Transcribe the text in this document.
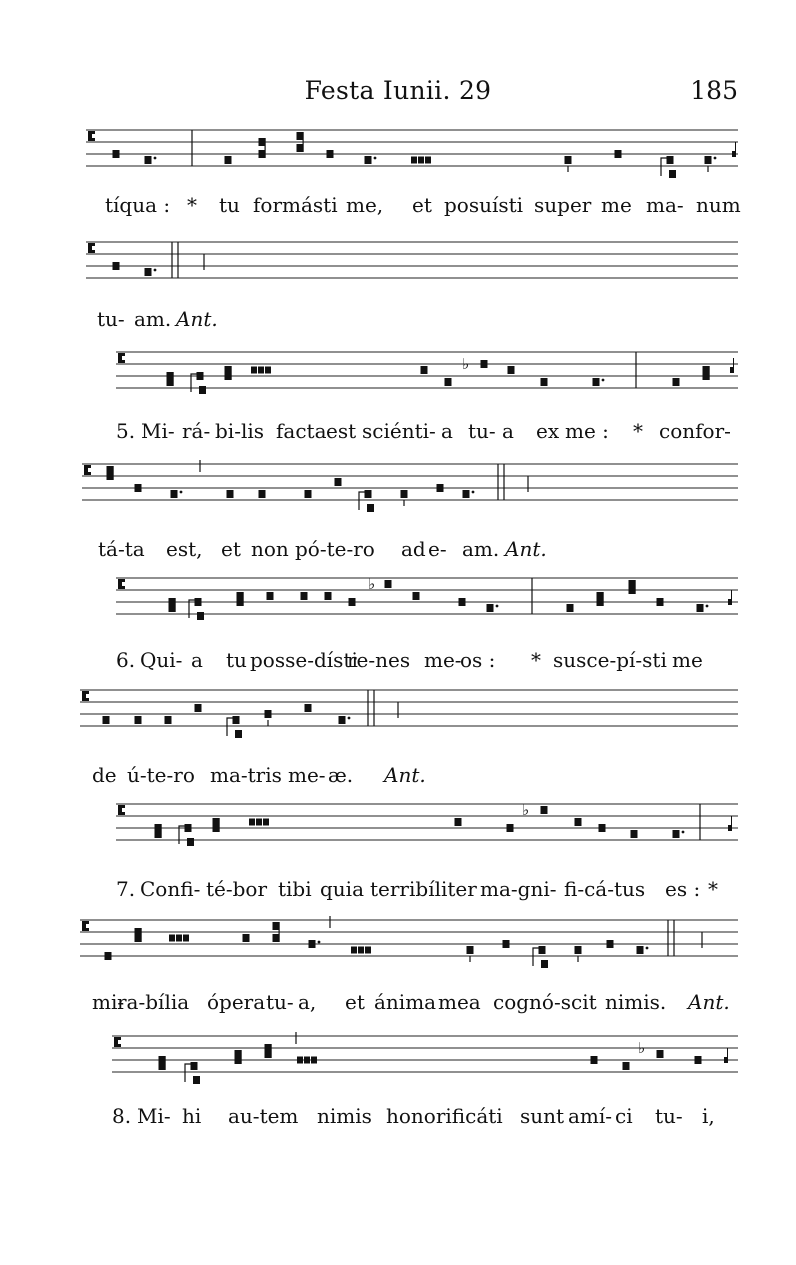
Festa Iunii. 29	185
tíqua : * tu formásti me, et posuísti super me ma- num
tu- am. Ant.
♭
5. Mi- rá- bi- lis facta est sciénti- a tu- a ex me : * confor-
tá-ta est, et non pó-te-ro ad e- am. Ant.
♭
6. Qui- a tu posse-dísti
re-nes me-
os : * susce-pí-sti me
de ú-te-ro ma-tris me- æ. Ant.
♭
7. Confi- té-bor tibi quia terribíliter ma-gni- fi-cá-tus es : *
mi-
ra-bília ópera tu- a, et ánima mea cognó-scit nimis. Ant.
♭
8. Mi- hi au-tem nimis honorificáti sunt amí- ci tu- i,
